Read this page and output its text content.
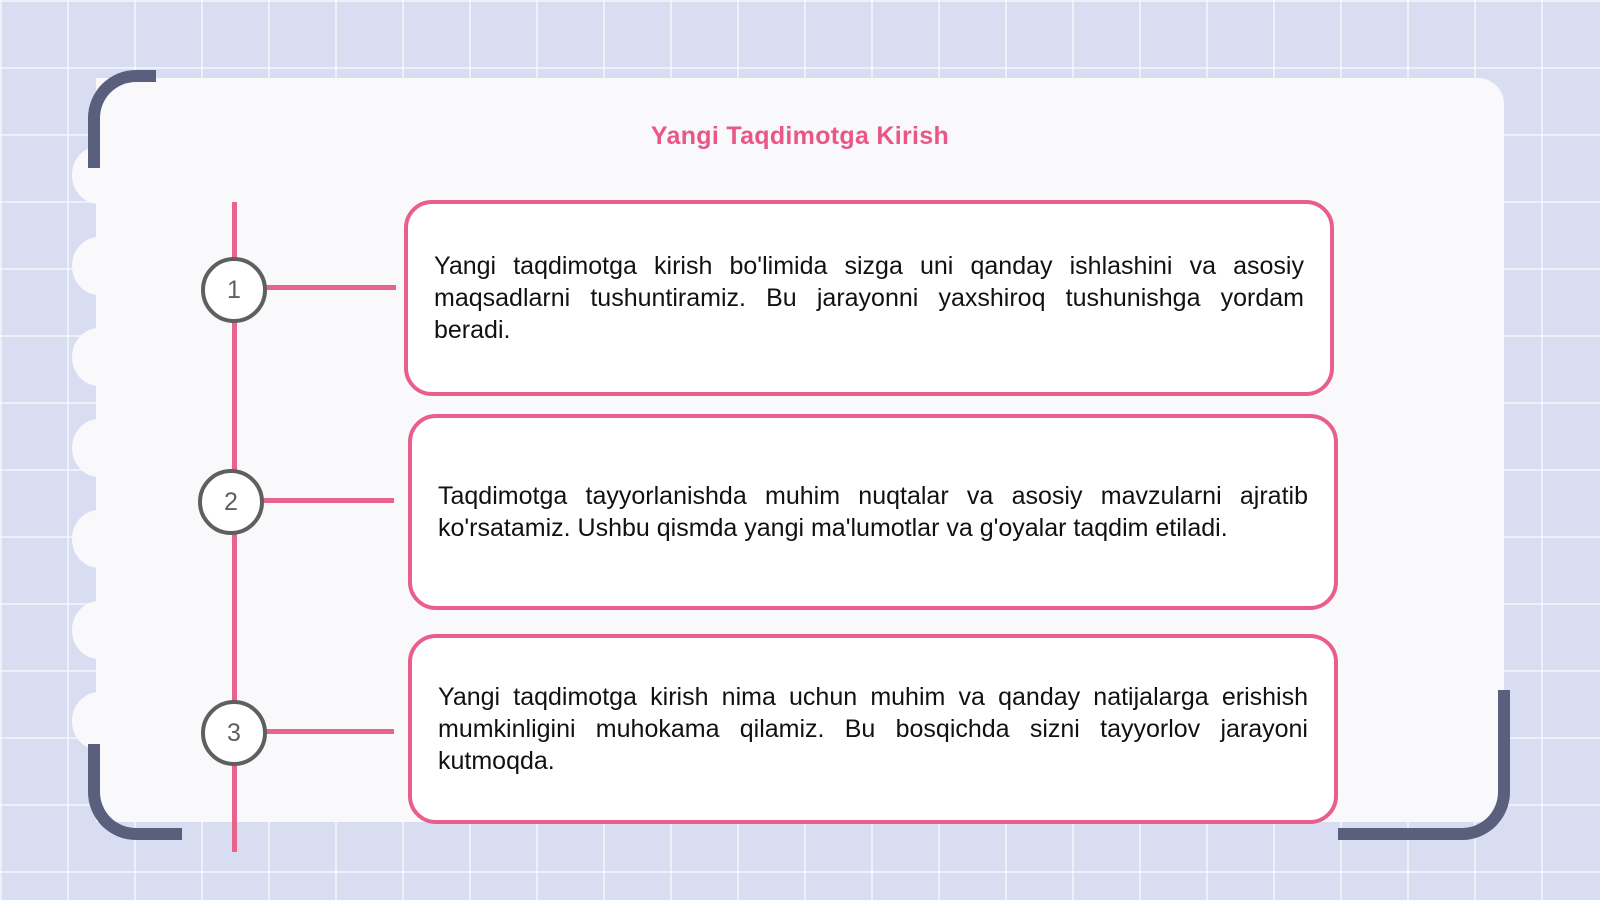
Yangi Taqdimotga Kirish
1
2
3

Yangi taqdimotga kirish bo'limida sizga uni qanday ishlashini va asosiy maqsadlarni tushuntiramiz. Bu jarayonni yaxshiroq tushunishga yordam beradi.

Taqdimotga tayyorlanishda muhim nuqtalar va asosiy mavzularni ajratib ko'rsatamiz. Ushbu qismda yangi ma'lumotlar va g'oyalar taqdim etiladi.

Yangi taqdimotga kirish nima uchun muhim va qanday natijalarga erishish mumkinligini muhokama qilamiz. Bu bosqichda sizni tayyorlov jarayoni kutmoqda.
